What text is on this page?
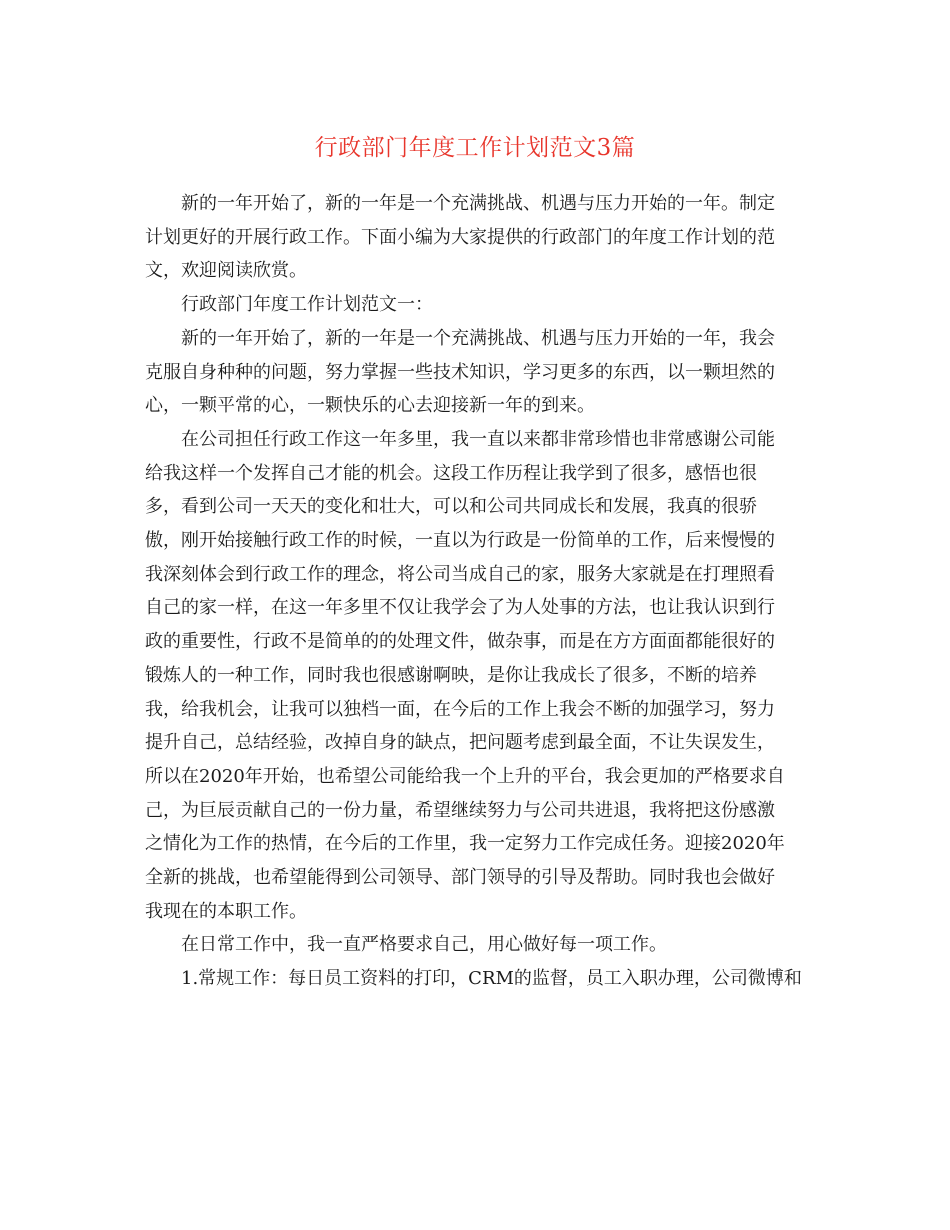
行政部门年度工作计划范文3篇

新的一年开始了，新的一年是一个充满挑战、机遇与压力开始的一年。制定
计划更好的开展行政工作。下面小编为大家提供的行政部门的年度工作计划的范
文，欢迎阅读欣赏。

行政部门年度工作计划范文一：

新的一年开始了，新的一年是一个充满挑战、机遇与压力开始的一年，我会
克服自身种种的问题，努力掌握一些技术知识，学习更多的东西，以一颗坦然的
心，一颗平常的心，一颗快乐的心去迎接新一年的到来。

在公司担任行政工作这一年多里，我一直以来都非常珍惜也非常感谢公司能
给我这样一个发挥自己才能的机会。这段工作历程让我学到了很多，感悟也很
多，看到公司一天天的变化和壮大，可以和公司共同成长和发展，我真的很骄
傲，刚开始接触行政工作的时候，一直以为行政是一份简单的工作，后来慢慢的
我深刻体会到行政工作的理念，将公司当成自己的家，服务大家就是在打理照看
自己的家一样，在这一年多里不仅让我学会了为人处事的方法，也让我认识到行
政的重要性，行政不是简单的的处理文件，做杂事，而是在方方面面都能很好的
锻炼人的一种工作，同时我也很感谢啊映，是你让我成长了很多，不断的培养
我，给我机会，让我可以独档一面，在今后的工作上我会不断的加强学习，努力
提升自己，总结经验，改掉自身的缺点，把问题考虑到最全面，不让失误发生，
所以在2020年开始，也希望公司能给我一个上升的平台，我会更加的严格要求自
己，为巨辰贡献自己的一份力量，希望继续努力与公司共进退，我将把这份感激
之情化为工作的热情，在今后的工作里，我一定努力工作完成任务。迎接2020年
全新的挑战，也希望能得到公司领导、部门领导的引导及帮助。同时我也会做好
我现在的本职工作。

在日常工作中，我一直严格要求自己，用心做好每一项工作。

1.常规工作：每日员工资料的打印，CRM的监督，员工入职办理，公司微博和
